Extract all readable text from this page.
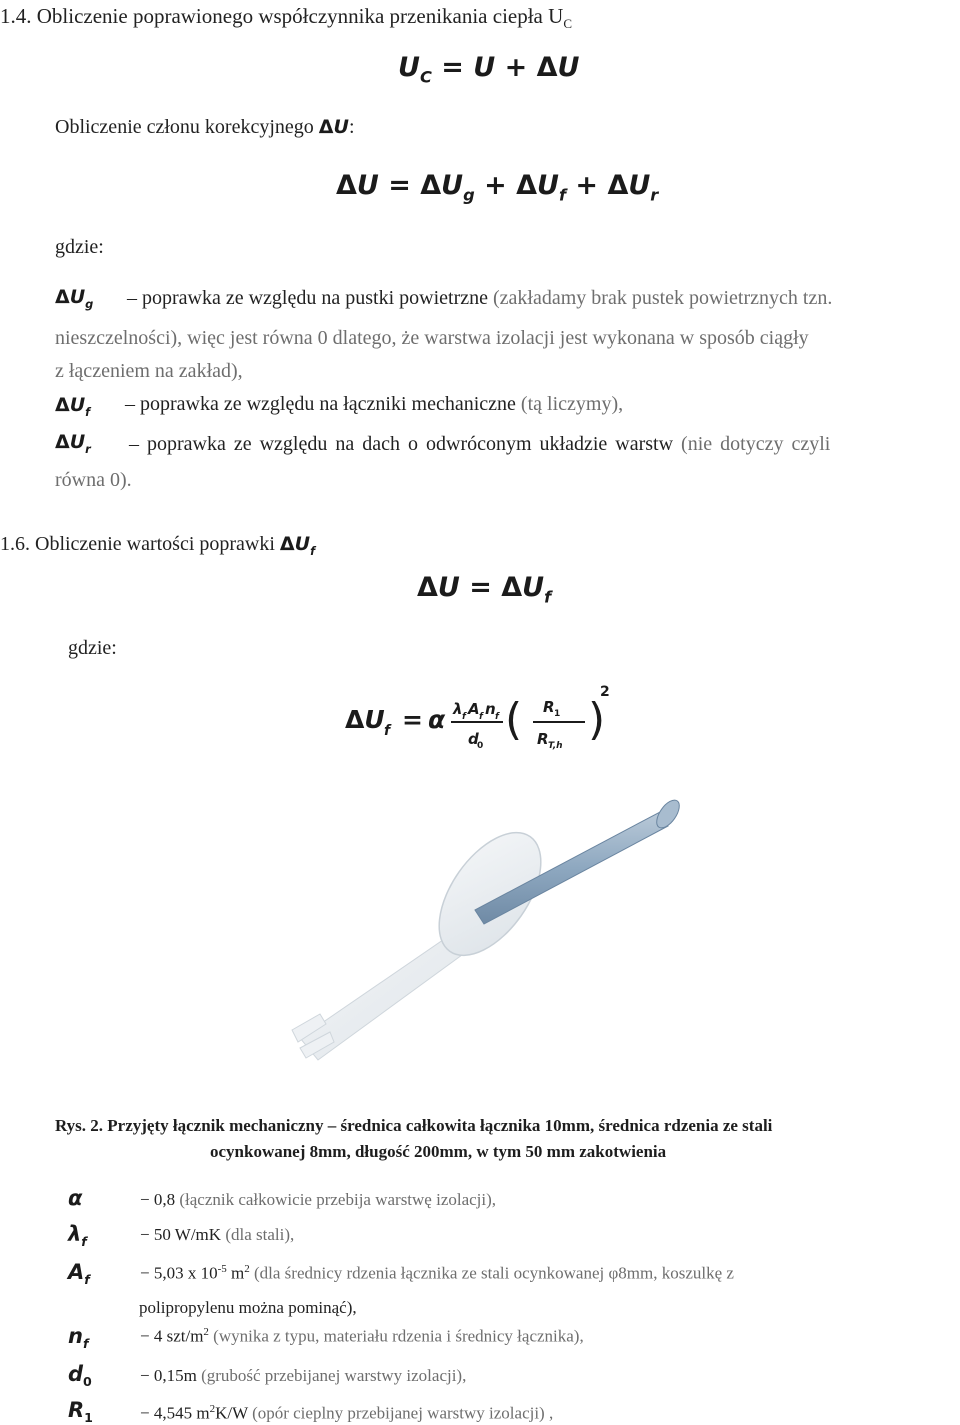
1.4. Obliczenie poprawionego współczynnika przenikania ciepła $U_C$
$U_C = U + \Delta U$
Obliczenie członu korekcyjnego ΔU:
$\Delta U = \Delta U_g + \Delta U_f + \Delta U_r$
gdzie:
$\Delta U_g$ – poprawka ze względu na pustki powietrzne (zakładamy brak pustek powietrznych tzn.
nieszczelności), więc jest równa 0 dlatego, że warstwa izolacji jest wykonana w sposób ciągły
z łączeniem na zakład),
$\Delta U_f$ – poprawka ze względu na łączniki mechaniczne (tą liczymy),
$\Delta U_r$ – poprawka ze względu na dach o odwróconym układzie warstw (nie dotyczy czyli
równa 0).
1.6. Obliczenie wartości poprawki $\Delta U_f$
$\Delta U = \Delta U_f$
gdzie:
ΔU f = α λ f A f n f
d
0
( R 1
R T,h
)
2
Rys. 2. Przyjęty łącznik mechaniczny – średnica całkowita łącznika 10mm, średnica rdzenia ze stali
ocynkowanej 8mm, długość 200mm, w tym 50 mm zakotwienia
α	− 0,8 (łącznik całkowicie przebija warstwę izolacji),
$\lambda_f$	− 50 W/mK (dla stali),
$A_f$	− 5,03 x $10^{-5}$ $m^2$ (dla średnicy rdzenia łącznika ze stali ocynkowanej φ8mm, koszulkę z
polipropylenu można pominąć),
$n_f$	− 4 szt/$m^2$ (wynika z typu, materiału rdzenia i średnicy łącznika),
$d_0$	− 0,15m (grubość przebijanej warstwy izolacji),
$R_1$	− 4,545 $m^2K/W$ (opór cieplny przebijanej warstwy izolacji) ,
